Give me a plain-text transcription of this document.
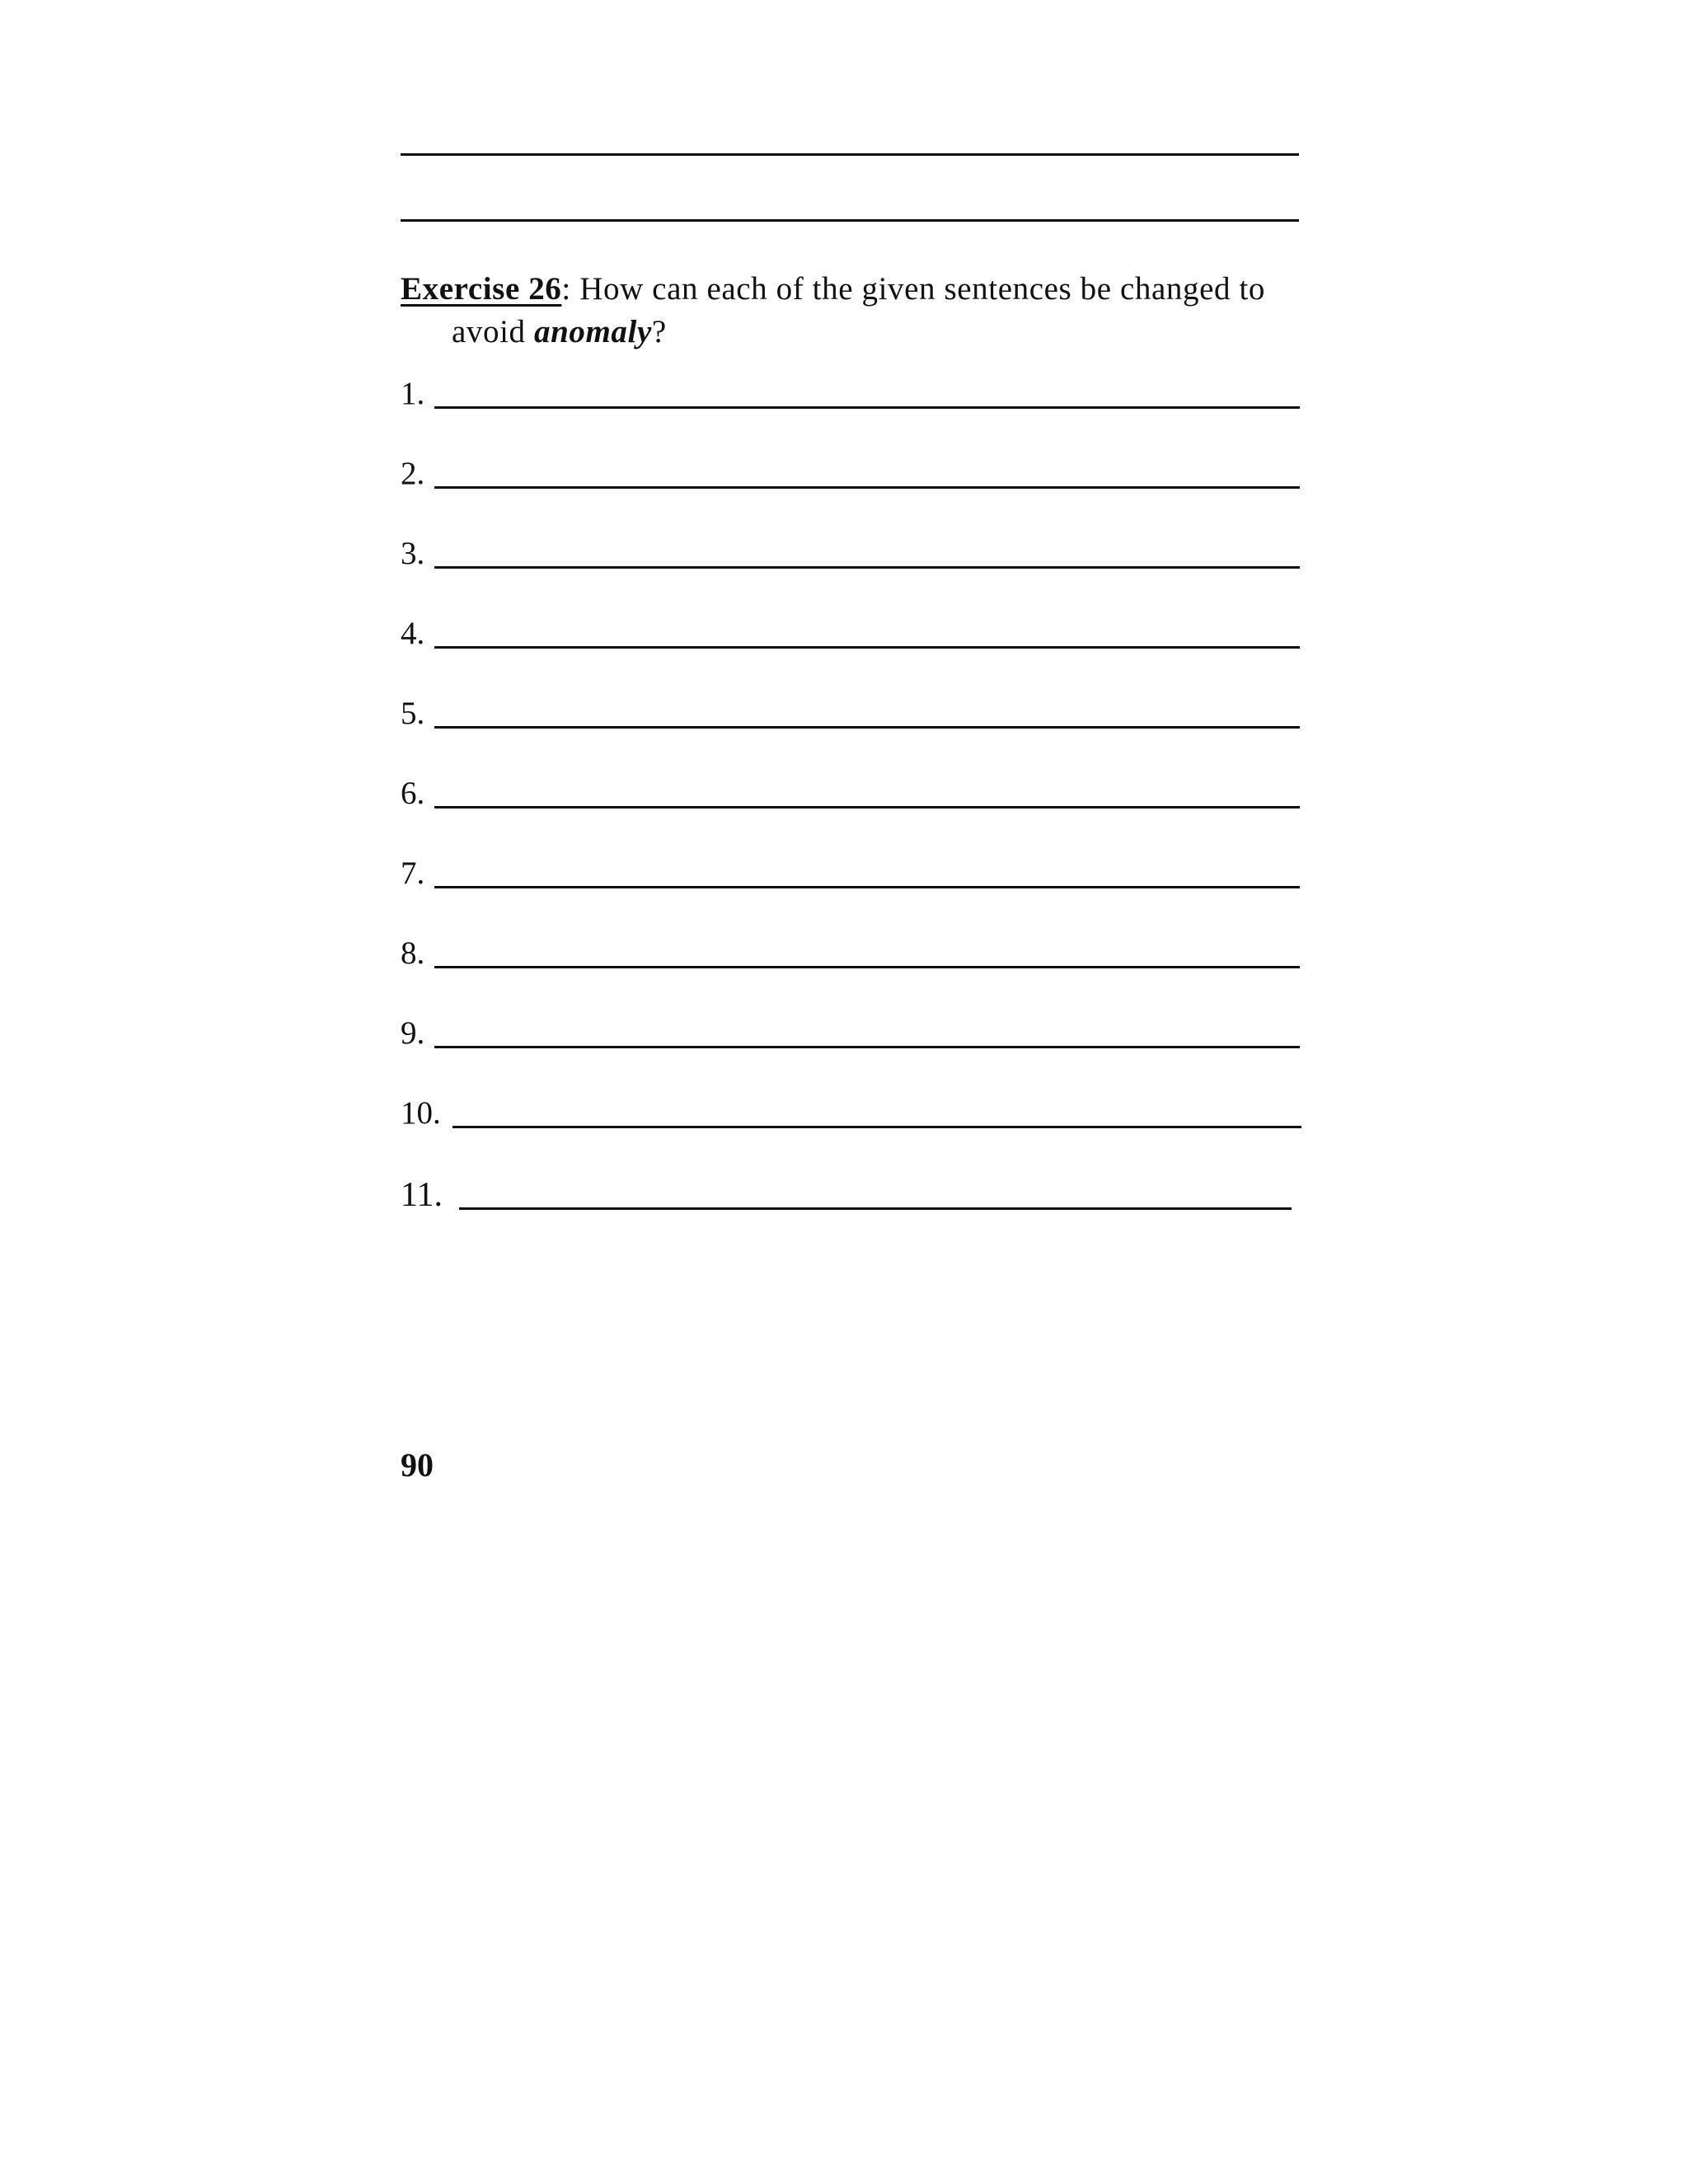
Exercise 26: How can each of the given sentences be changed to
avoid anomaly?
1.
2.
3.
4.
5.
6.
7.
8.
9.
10.
11.
90
